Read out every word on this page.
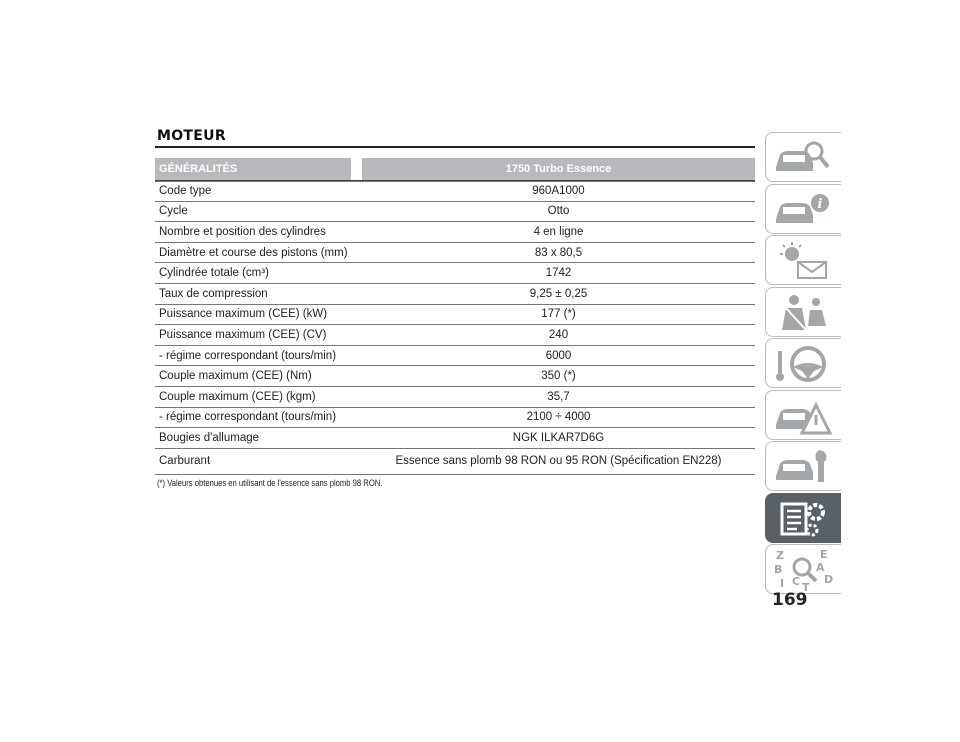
MOTEUR
GÉNÉRALITÉS	1750 Turbo Essence
Code type	960A1000
Cycle	Otto
Nombre et position des cylindres	4 en ligne
Diamètre et course des pistons (mm)	83 x 80,5
Cylindrée totale (cm³)	1742
Taux de compression	9,25 ± 0,25
Puissance maximum (CEE) (kW)	177 (*)
Puissance maximum (CEE) (CV)	240
- régime correspondant (tours/min)	6000
Couple maximum (CEE) (Nm)	350 (*)
Couple maximum (CEE) (kgm)	35,7
- régime correspondant (tours/min)	2100 ÷ 4000
Bougies d'allumage	NGK ILKAR7D6G
Carburant	Essence sans plomb 98 RON ou 95 RON (Spécification EN228)
(*) Valeurs obtenues en utilisant de l'essence sans plomb 98 RON.
i
Z	E
B	A
I C T
D
169
